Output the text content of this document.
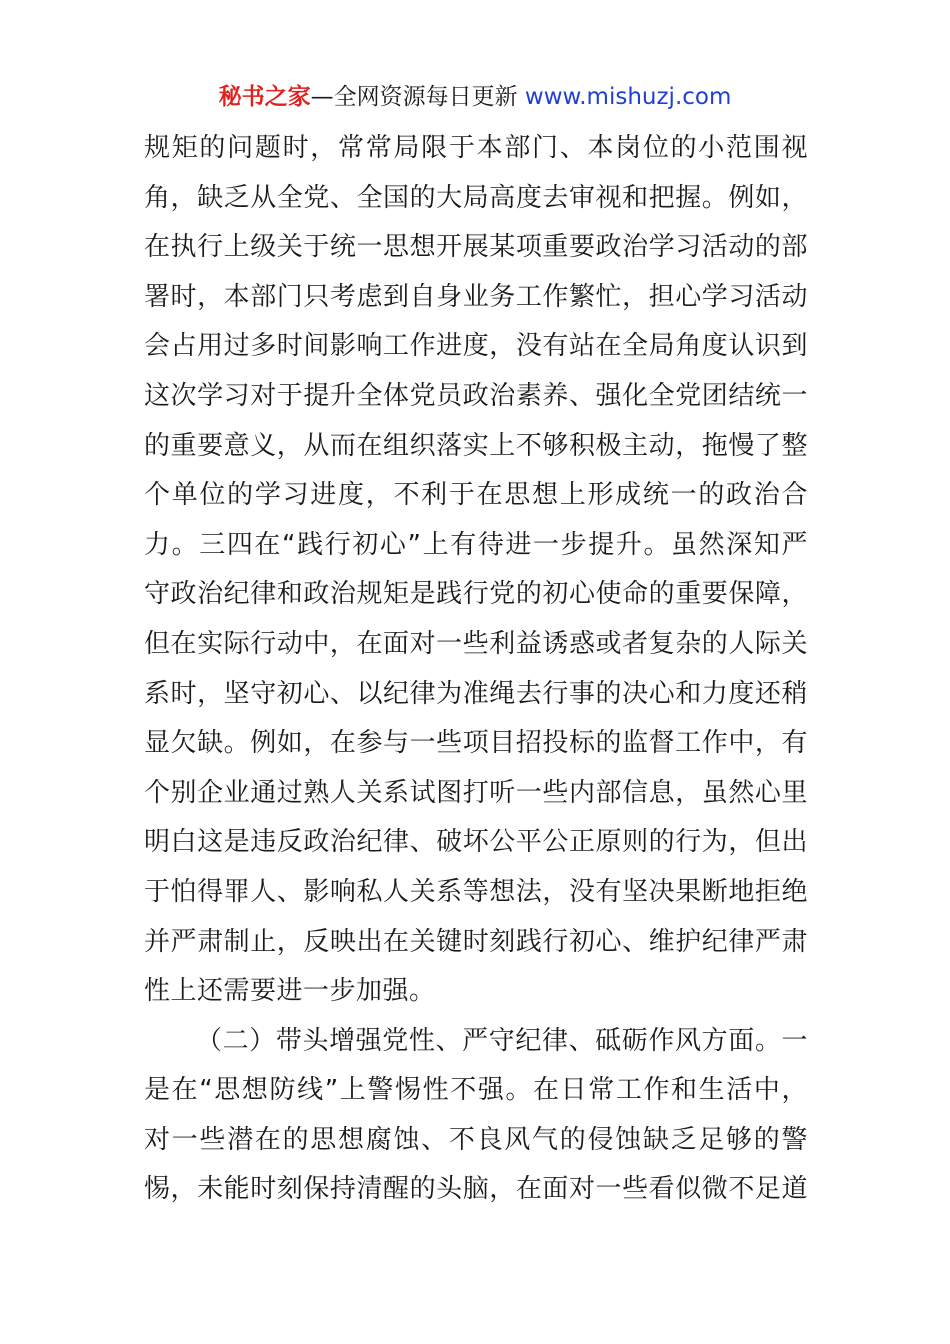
秘书之家—全网资源每日更新 www.mishuzj.com
规矩的问题时，常常局限于本部门、本岗位的小范围视
角，缺乏从全党、全国的大局高度去审视和把握。例如，
在执行上级关于统一思想开展某项重要政治学习活动的部
署时，本部门只考虑到自身业务工作繁忙，担心学习活动
会占用过多时间影响工作进度，没有站在全局角度认识到
这次学习对于提升全体党员政治素养、强化全党团结统一
的重要意义，从而在组织落实上不够积极主动，拖慢了整
个单位的学习进度，不利于在思想上形成统一的政治合
力。三四在“践行初心”上有待进一步提升。虽然深知严
守政治纪律和政治规矩是践行党的初心使命的重要保障，
但在实际行动中，在面对一些利益诱惑或者复杂的人际关
系时，坚守初心、以纪律为准绳去行事的决心和力度还稍
显欠缺。例如，在参与一些项目招投标的监督工作中，有
个别企业通过熟人关系试图打听一些内部信息，虽然心里
明白这是违反政治纪律、破坏公平公正原则的行为，但出
于怕得罪人、影响私人关系等想法，没有坚决果断地拒绝
并严肃制止，反映出在关键时刻践行初心、维护纪律严肃
性上还需要进一步加强。
（二）带头增强党性、严守纪律、砥砺作风方面。一
是在“思想防线”上警惕性不强。在日常工作和生活中，
对一些潜在的思想腐蚀、不良风气的侵蚀缺乏足够的警
惕，未能时刻保持清醒的头脑，在面对一些看似微不足道
